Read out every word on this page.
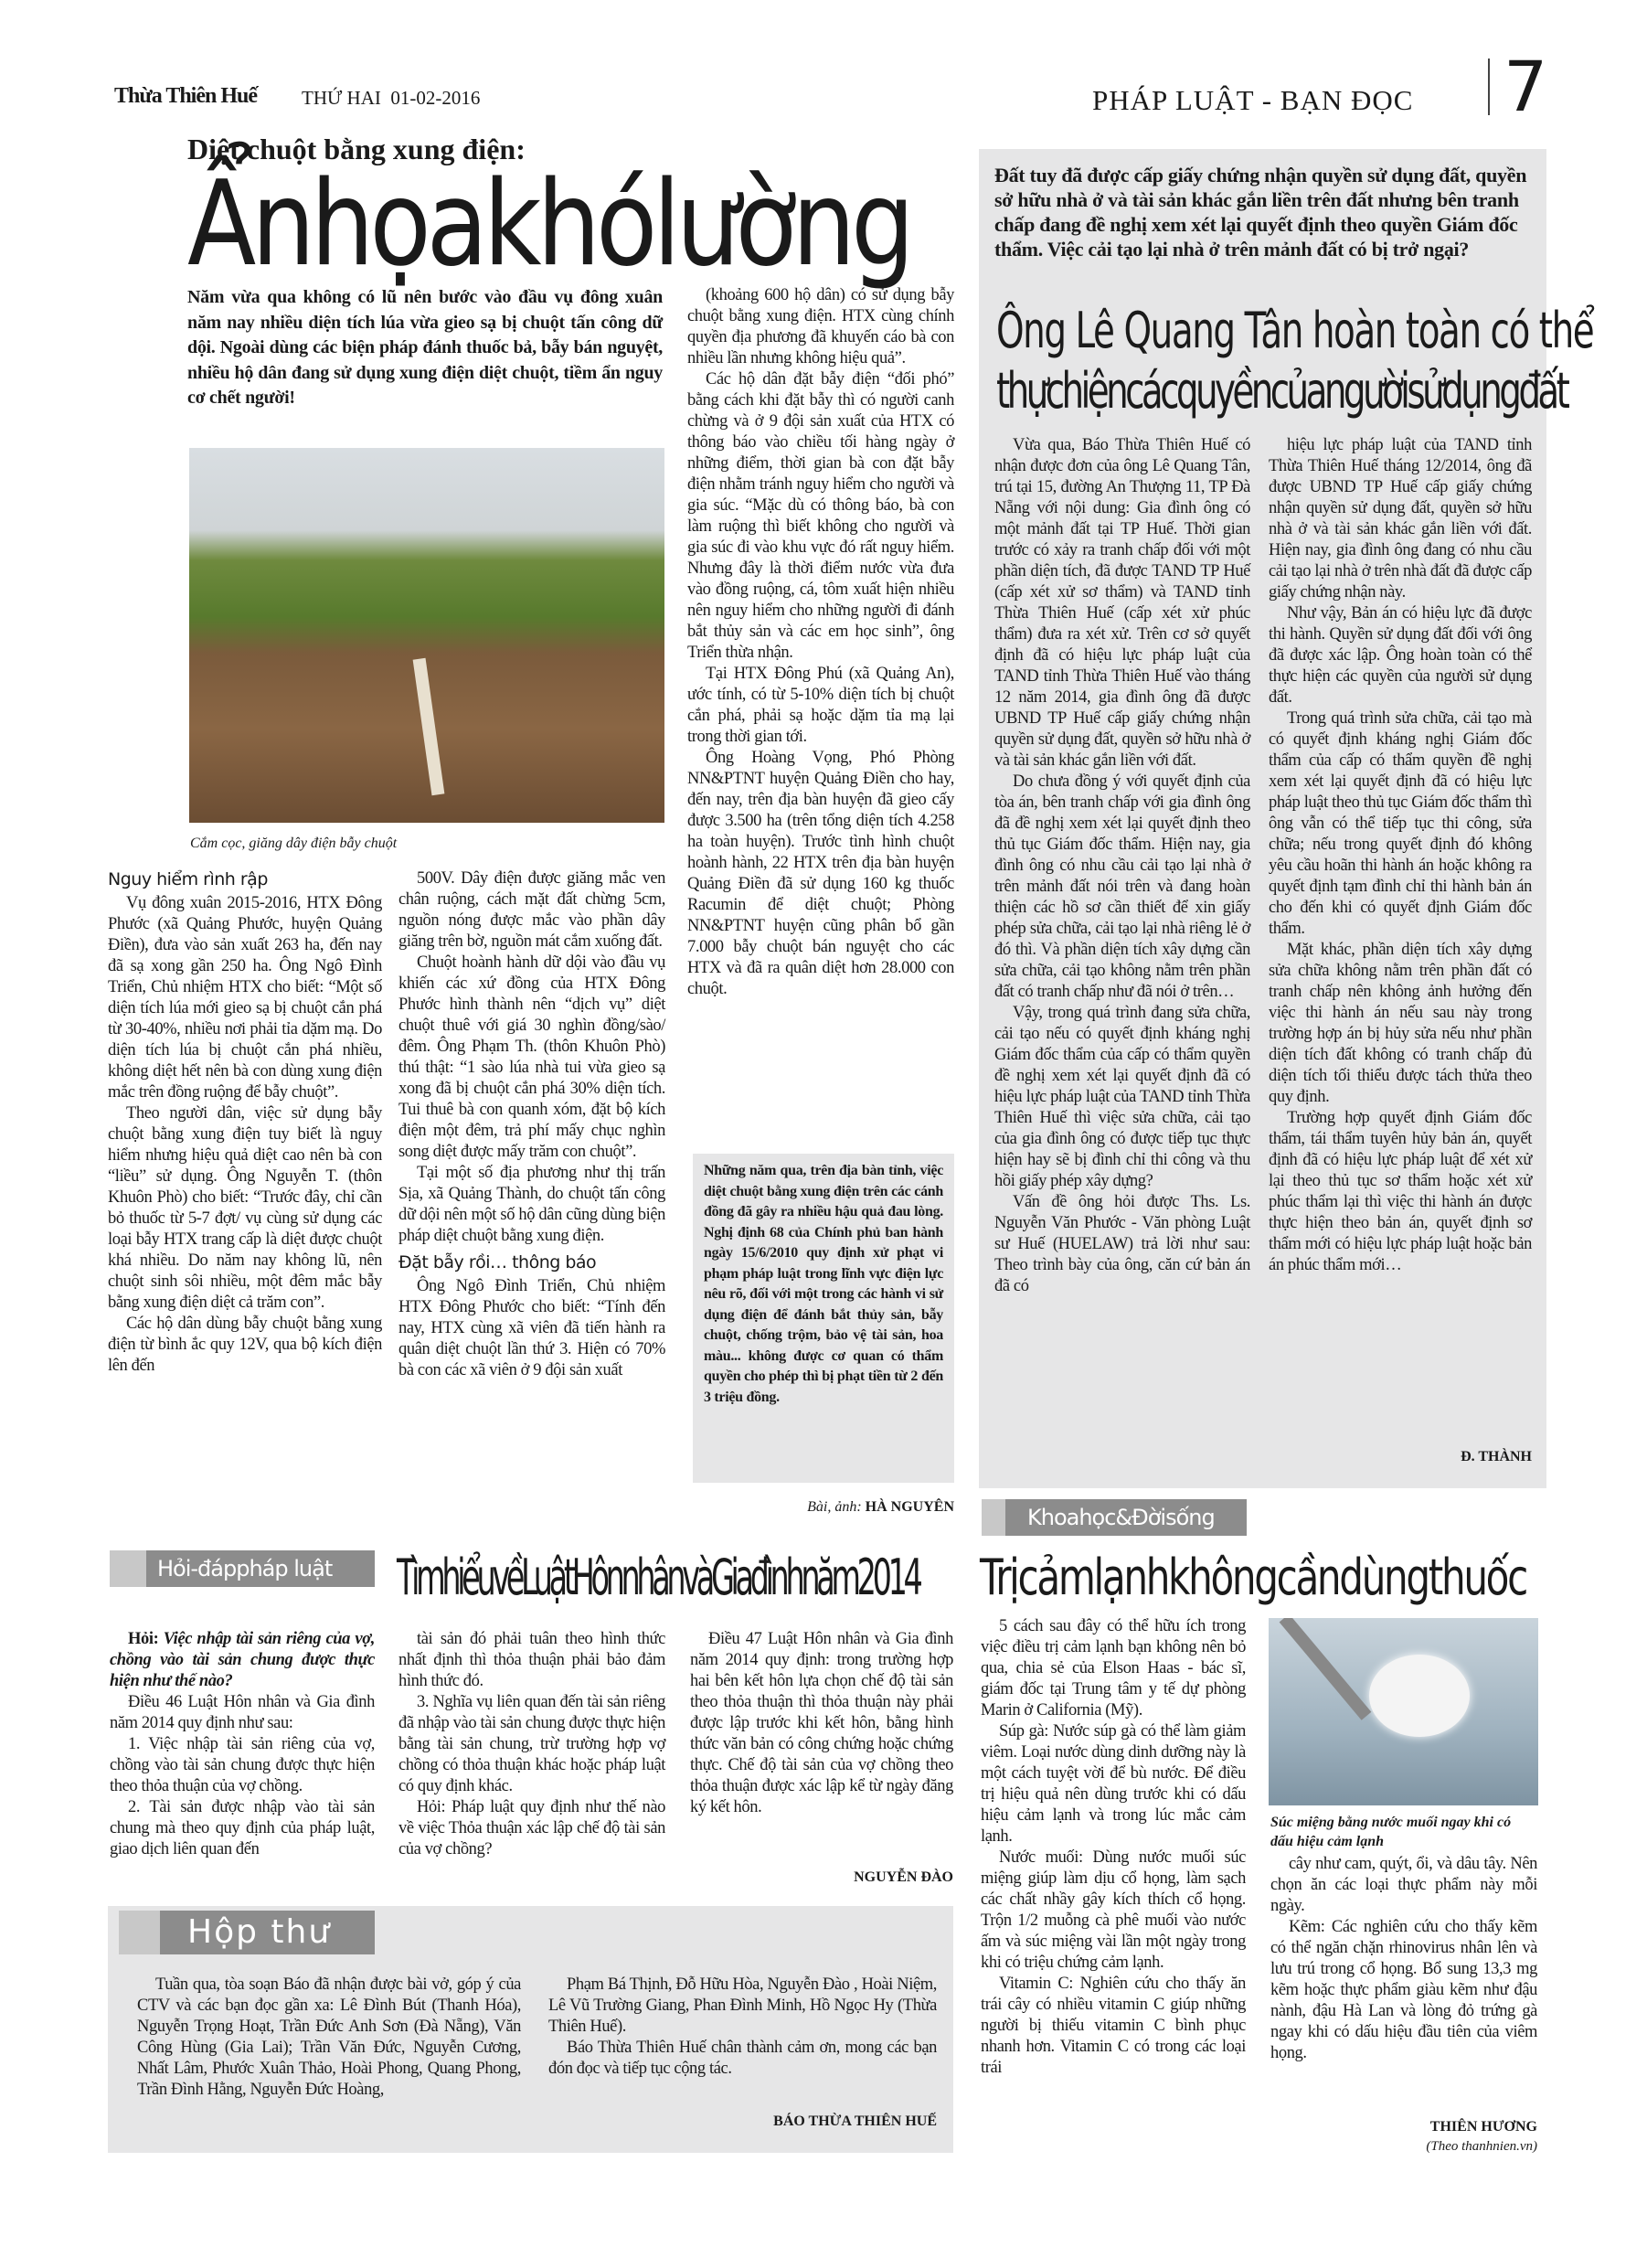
Thừa Thiên Huế THỨ HAI  01-02-2016	PHÁP LUẬT - BẠN ĐỌC 7
Diệt chuột bằng xung điện:
Ẩnhọakhólường
Năm vừa qua không có lũ nên bước vào đầu vụ đông xuân năm nay nhiều diện tích lúa vừa gieo sạ bị chuột tấn công dữ dội. Ngoài dùng các biện pháp đánh thuốc bả, bẫy bán nguyệt, nhiều hộ dân đang sử dụng xung điện diệt chuột, tiềm ẩn nguy cơ chết người!
Cắm cọc, giăng dây điện bẫy chuột
Nguy hiểm rình rập

Vụ đông xuân 2015-2016, HTX Đông Phước (xã Quảng Phước, huyện Quảng Điền), đưa vào sản xuất 263 ha, đến nay đã sạ xong gần 250 ha. Ông Ngô Đình Triển, Chủ nhiệm HTX cho biết: “Một số diện tích lúa mới gieo sạ bị chuột cắn phá từ 30-40%, nhiều nơi phải tỉa dặm mạ. Do diện tích lúa bị chuột cắn phá nhiều, không diệt hết nên bà con dùng xung điện mắc trên đồng ruộng để bẫy chuột”.

Theo người dân, việc sử dụng bẫy chuột bằng xung điện tuy biết là nguy hiểm nhưng hiệu quả diệt cao nên bà con “liều” sử dụng. Ông Nguyễn T. (thôn Khuôn Phò) cho biết: “Trước đây, chỉ cần bỏ thuốc từ 5-7 đợt/ vụ cùng sử dụng các loại bẫy HTX trang cấp là diệt được chuột khá nhiều. Do năm nay không lũ, nên chuột sinh sôi nhiều, một đêm mắc bẫy bằng xung điện diệt cả trăm con”.

Các hộ dân dùng bẫy chuột bằng xung điện từ bình ắc quy 12V, qua bộ kích điện lên đến

500V. Dây điện được giăng mắc ven chân ruộng, cách mặt đất chừng 5cm, nguồn nóng được mắc vào phần dây giăng trên bờ, nguồn mát cắm xuống đất.

Chuột hoành hành dữ dội vào đầu vụ khiến các xứ đồng của HTX Đông Phước hình thành nên “dịch vụ” diệt chuột thuê với giá 30 nghìn đồng/sào/đêm. Ông Phạm Th. (thôn Khuôn Phò) thú thật: “1 sào lúa nhà tui vừa gieo sạ xong đã bị chuột cắn phá 30% diện tích. Tui thuê bà con quanh xóm, đặt bộ kích điện một đêm, trả phí mấy chục nghìn song diệt được mấy trăm con chuột”.

Tại một số địa phương như thị trấn Sịa, xã Quảng Thành, do chuột tấn công dữ dội nên một số hộ dân cũng dùng biện pháp diệt chuột bằng xung điện.

Đặt bẫy rồi… thông báo

Ông Ngô Đình Triển, Chủ nhiệm HTX Đông Phước cho biết: “Tính đến nay, HTX cùng xã viên đã tiến hành ra quân diệt chuột lần thứ 3. Hiện có 70% bà con các xã viên ở 9 đội sản xuất

(khoảng 600 hộ dân) có sử dụng bẫy chuột bằng xung điện. HTX cùng chính quyền địa phương đã khuyến cáo bà con nhiều lần nhưng không hiệu quả”.

Các hộ dân đặt bẫy điện “đối phó” bằng cách khi đặt bẫy thì có người canh chừng và ở 9 đội sản xuất của HTX có thông báo vào chiều tối hàng ngày ở những điểm, thời gian bà con đặt bẫy điện nhằm tránh nguy hiểm cho người và gia súc. “Mặc dù có thông báo, bà con làm ruộng thì biết không cho người và gia súc đi vào khu vực đó rất nguy hiểm. Nhưng đây là thời điểm nước vừa đưa vào đồng ruộng, cá, tôm xuất hiện nhiều nên nguy hiểm cho những người đi đánh bắt thủy sản và các em học sinh”, ông Triển thừa nhận.

Tại HTX Đông Phú (xã Quảng An), ước tính, có từ 5-10% diện tích bị chuột cắn phá, phải sạ hoặc dặm tỉa mạ lại trong thời gian tới.

Ông Hoàng Vọng, Phó Phòng NN&PTNT huyện Quảng Điền cho hay, đến nay, trên địa bàn huyện đã gieo cấy được 3.500 ha (trên tổng diện tích 4.258 ha toàn huyện). Trước tình hình chuột hoành hành, 22 HTX trên địa bàn huyện Quảng Điền đã sử dụng 160 kg thuốc Racumin để diệt chuột; Phòng NN&PTNT huyện cũng phân bổ gần 7.000 bẫy chuột bán nguyệt cho các HTX và đã ra quân diệt hơn 28.000 con chuột.

Những năm qua, trên địa bàn tỉnh, việc diệt chuột bằng xung điện trên các cánh đồng đã gây ra nhiều hậu quả đau lòng. Nghị định 68 của Chính phủ ban hành ngày 15/6/2010 quy định xử phạt vi phạm pháp luật trong lĩnh vực điện lực nêu rõ, đối với một trong các hành vi sử dụng điện để đánh bắt thủy sản, bẫy chuột, chống trộm, bảo vệ tài sản, hoa màu... không được cơ quan có thẩm quyền cho phép thì bị phạt tiền từ 2 đến 3 triệu đồng.
Bài, ảnh: HÀ NGUYÊN
Đất tuy đã được cấp giấy chứng nhận quyền sử dụng đất, quyền sở hữu nhà ở và tài sản khác gắn liền trên đất nhưng bên tranh chấp đang đề nghị xem xét lại quyết định theo quyền Giám đốc thẩm. Việc cải tạo lại nhà ở trên mảnh đất có bị trở ngại?
Ông Lê Quang Tân hoàn toàn có thể
thựchiệncácquyềncủangườisửdụngđất

Vừa qua, Báo Thừa Thiên Huế có nhận được đơn của ông Lê Quang Tân, trú tại 15, đường An Thượng 11, TP Đà Nẵng với nội dung: Gia đình ông có một mảnh đất tại TP Huế. Thời gian trước có xảy ra tranh chấp đối với một phần diện tích, đã được TAND TP Huế (cấp xét xử sơ thẩm) và TAND tỉnh Thừa Thiên Huế (cấp xét xử phúc thẩm) đưa ra xét xử. Trên cơ sở quyết định đã có hiệu lực pháp luật của TAND tỉnh Thừa Thiên Huế vào tháng 12 năm 2014, gia đình ông đã được UBND TP Huế cấp giấy chứng nhận quyền sử dụng đất, quyền sở hữu nhà ở và tài sản khác gắn liền với đất.

Do chưa đồng ý với quyết định của tòa án, bên tranh chấp với gia đình ông đã đề nghị xem xét lại quyết định theo thủ tục Giám đốc thẩm. Hiện nay, gia đình ông có nhu cầu cải tạo lại nhà ở trên mảnh đất nói trên và đang hoàn thiện các hồ sơ cần thiết để xin giấy phép sửa chữa, cải tạo lại nhà riêng lẻ ở đó thì. Và phần diện tích xây dựng cần sửa chữa, cải tạo không nằm trên phần đất có tranh chấp như đã nói ở trên…

Vậy, trong quá trình đang sửa chữa, cải tạo nếu có quyết định kháng nghị Giám đốc thẩm của cấp có thẩm quyền đề nghị xem xét lại quyết định đã có hiệu lực pháp luật của TAND tỉnh Thừa Thiên Huế thì việc sửa chữa, cải tạo của gia đình ông có được tiếp tục thực hiện hay sẽ bị đình chỉ thi công và thu hồi giấy phép xây dựng?

Vấn đề ông hỏi được Ths. Ls. Nguyễn Văn Phước - Văn phòng Luật sư Huế (HUELAW) trả lời như sau: Theo trình bày của ông, căn cứ bản án đã có

hiệu lực pháp luật của TAND tỉnh Thừa Thiên Huế tháng 12/2014, ông đã được UBND TP Huế cấp giấy chứng nhận quyền sử dụng đất, quyền sở hữu nhà ở và tài sản khác gắn liền với đất. Hiện nay, gia đình ông đang có nhu cầu cải tạo lại nhà ở trên nhà đất đã được cấp giấy chứng nhận này.

Như vậy, Bản án có hiệu lực đã được thi hành. Quyền sử dụng đất đối với ông đã được xác lập. Ông hoàn toàn có thể thực hiện các quyền của người sử dụng đất.

Trong quá trình sửa chữa, cải tạo mà có quyết định kháng nghị Giám đốc thẩm của cấp có thẩm quyền đề nghị xem xét lại quyết định đã có hiệu lực pháp luật theo thủ tục Giám đốc thẩm thì ông vẫn có thể tiếp tục thi công, sửa chữa; nếu trong quyết định đó không yêu cầu hoãn thi hành án hoặc không ra quyết định tạm đình chỉ thi hành bản án cho đến khi có quyết định Giám đốc thẩm.

Mặt khác, phần diện tích xây dựng sửa chữa không nằm trên phần đất có tranh chấp nên không ảnh hưởng đến việc thi hành án nếu sau này trong trường hợp án bị hủy sửa nếu như phần diện tích đất không có tranh chấp đủ diện tích tối thiểu được tách thửa theo quy định.

Trường hợp quyết định Giám đốc thẩm, tái thẩm tuyên hủy bản án, quyết định đã có hiệu lực pháp luật để xét xử lại theo thủ tục sơ thẩm hoặc xét xử phúc thẩm lại thì việc thi hành án được thực hiện theo bản án, quyết định sơ thẩm mới có hiệu lực pháp luật hoặc bản án phúc thẩm mới…

Đ. THÀNH
Hỏi-đáppháp luật	TìmhiểuvềLuậtHônnhânvàGiađìnhnăm2014

Hỏi: Việc nhập tài sản riêng của vợ, chồng vào tài sản chung được thực hiện như thế nào?

Điều 46 Luật Hôn nhân và Gia đình năm 2014 quy định như sau:

1. Việc nhập tài sản riêng của vợ, chồng vào tài sản chung được thực hiện theo thỏa thuận của vợ chồng.

2. Tài sản được nhập vào tài sản chung mà theo quy định của pháp luật, giao dịch liên quan đến

tài sản đó phải tuân theo hình thức nhất định thì thỏa thuận phải bảo đảm hình thức đó.

3. Nghĩa vụ liên quan đến tài sản riêng đã nhập vào tài sản chung được thực hiện bằng tài sản chung, trừ trường hợp vợ chồng có thỏa thuận khác hoặc pháp luật có quy định khác.

Hỏi: Pháp luật quy định như thế nào về việc Thỏa thuận xác lập chế độ tài sản của vợ chồng?

Điều 47 Luật Hôn nhân và Gia đình năm 2014 quy định: trong trường hợp hai bên kết hôn lựa chọn chế độ tài sản theo thỏa thuận thì thỏa thuận này phải được lập trước khi kết hôn, bằng hình thức văn bản có công chứng hoặc chứng thực. Chế độ tài sản của vợ chồng theo thỏa thuận được xác lập kể từ ngày đăng ký kết hôn.

NGUYỄN ĐÀO
Hộp thư

Tuần qua, tòa soạn Báo đã nhận được bài vở, góp ý của CTV và các bạn đọc gần xa: Lê Đình Bút (Thanh Hóa), Nguyễn Trọng Hoạt, Trần Đức Anh Sơn (Đà Nẵng), Văn Công Hùng (Gia Lai); Trần Văn Đức, Nguyễn Cương, Nhất Lâm, Phước Xuân Thảo, Hoài Phong, Quang Phong, Trần Đình Hằng, Nguyễn Đức Hoàng,

Phạm Bá Thịnh, Đỗ Hữu Hòa, Nguyễn Đào , Hoài Niệm, Lê Vũ Trường Giang, Phan Đình Minh, Hồ Ngọc Hy (Thừa Thiên Huế).

Báo Thừa Thiên Huế chân thành cảm ơn, mong các bạn đón đọc và tiếp tục cộng tác.

BÁO THỪA THIÊN HUẾ
Khoahọc&Đờisống
Trịcảmlạnhkhôngcầndùngthuốc

5 cách sau đây có thể hữu ích trong việc điều trị cảm lạnh bạn không nên bỏ qua, chia sẻ của Elson Haas - bác sĩ, giám đốc tại Trung tâm y tế dự phòng Marin ở California (Mỹ).

Súp gà: Nước súp gà có thể làm giảm viêm. Loại nước dùng dinh dưỡng này là một cách tuyệt vời để bù nước. Để điều trị hiệu quả nên dùng trước khi có dấu hiệu cảm lạnh và trong lúc mắc cảm lạnh.

Nước muối: Dùng nước muối súc miệng giúp làm dịu cổ họng, làm sạch các chất nhầy gây kích thích cổ họng. Trộn 1/2 muỗng cà phê muối vào nước ấm và súc miệng vài lần một ngày trong khi có triệu chứng cảm lạnh.

Vitamin C: Nghiên cứu cho thấy ăn trái cây có nhiều vitamin C giúp những người bị thiếu vitamin C bình phục nhanh hơn. Vitamin C có trong các loại trái

Súc miệng bằng nước muối ngay khi có dấu hiệu cảm lạnh

cây như cam, quýt, ổi, và dâu tây. Nên chọn ăn các loại thực phẩm này mỗi ngày.

Kẽm: Các nghiên cứu cho thấy kẽm có thể ngăn chặn rhinovirus nhân lên và lưu trú trong cổ họng. Bổ sung 13,3 mg kẽm hoặc thực phẩm giàu kẽm như đậu nành, đậu Hà Lan và lòng đỏ trứng gà ngay khi có dấu hiệu đầu tiên của viêm họng.

THIÊN HƯƠNG
(Theo thanhnien.vn)
